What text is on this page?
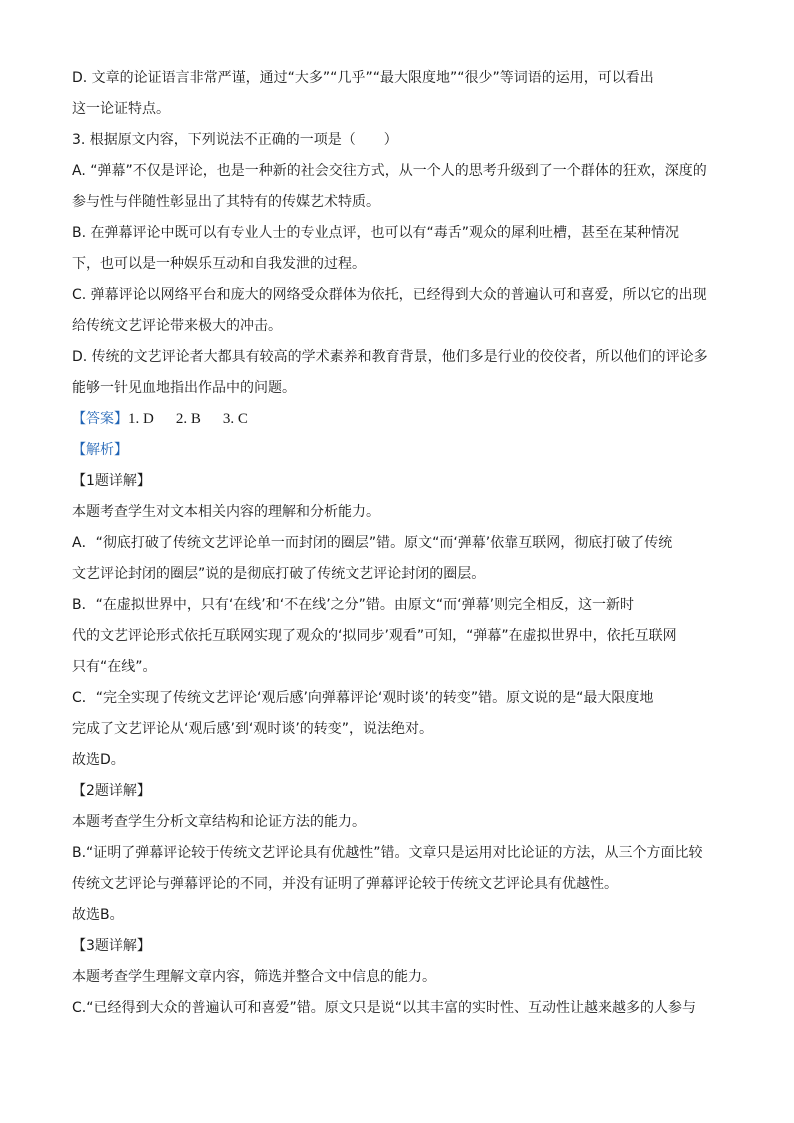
D. 文章的论证语言非常严谨，通过“大多”“几乎”“最大限度地”“很少”等词语的运用，可以看出
这一论证特点。
3. 根据原文内容，下列说法不正确的一项是（　　）
A. “弹幕”不仅是评论，也是一种新的社会交往方式，从一个人的思考升级到了一个群体的狂欢，深度的
参与性与伴随性彰显出了其特有的传媒艺术特质。
B. 在弹幕评论中既可以有专业人士的专业点评，也可以有“毒舌”观众的犀利吐槽，甚至在某种情况
下，也可以是一种娱乐互动和自我发泄的过程。
C. 弹幕评论以网络平台和庞大的网络受众群体为依托，已经得到大众的普遍认可和喜爱，所以它的出现
给传统文艺评论带来极大的冲击。
D. 传统的文艺评论者大都具有较高的学术素养和教育背景，他们多是行业的佼佼者，所以他们的评论多
能够一针见血地指出作品中的问题。
【答案】1. D 2. B 3. C
【解析】
【1题详解】
本题考查学生对文本相关内容的理解和分析能力。
A．“彻底打破了传统文艺评论单一而封闭的圈层”错。原文“而‘弹幕’依靠互联网，彻底打破了传统
文艺评论封闭的圈层”说的是彻底打破了传统文艺评论封闭的圈层。
B．“在虚拟世界中，只有‘在线’和‘不在线’之分”错。由原文“而‘弹幕’则完全相反，这一新时
代的文艺评论形式依托互联网实现了观众的‘拟同步’观看”可知，“弹幕”在虚拟世界中，依托互联网
只有“在线”。
C．“完全实现了传统文艺评论‘观后感’向弹幕评论‘观时谈’的转变”错。原文说的是“最大限度地
完成了文艺评论从‘观后感’到‘观时谈’的转变”，说法绝对。
故选D。
【2题详解】
本题考查学生分析文章结构和论证方法的能力。
B.“证明了弹幕评论较于传统文艺评论具有优越性”错。文章只是运用对比论证的方法，从三个方面比较
传统文艺评论与弹幕评论的不同，并没有证明了弹幕评论较于传统文艺评论具有优越性。
故选B。
【3题详解】
本题考查学生理解文章内容，筛选并整合文中信息的能力。
C.“已经得到大众的普遍认可和喜爱”错。原文只是说“以其丰富的实时性、互动性让越来越多的人参与
